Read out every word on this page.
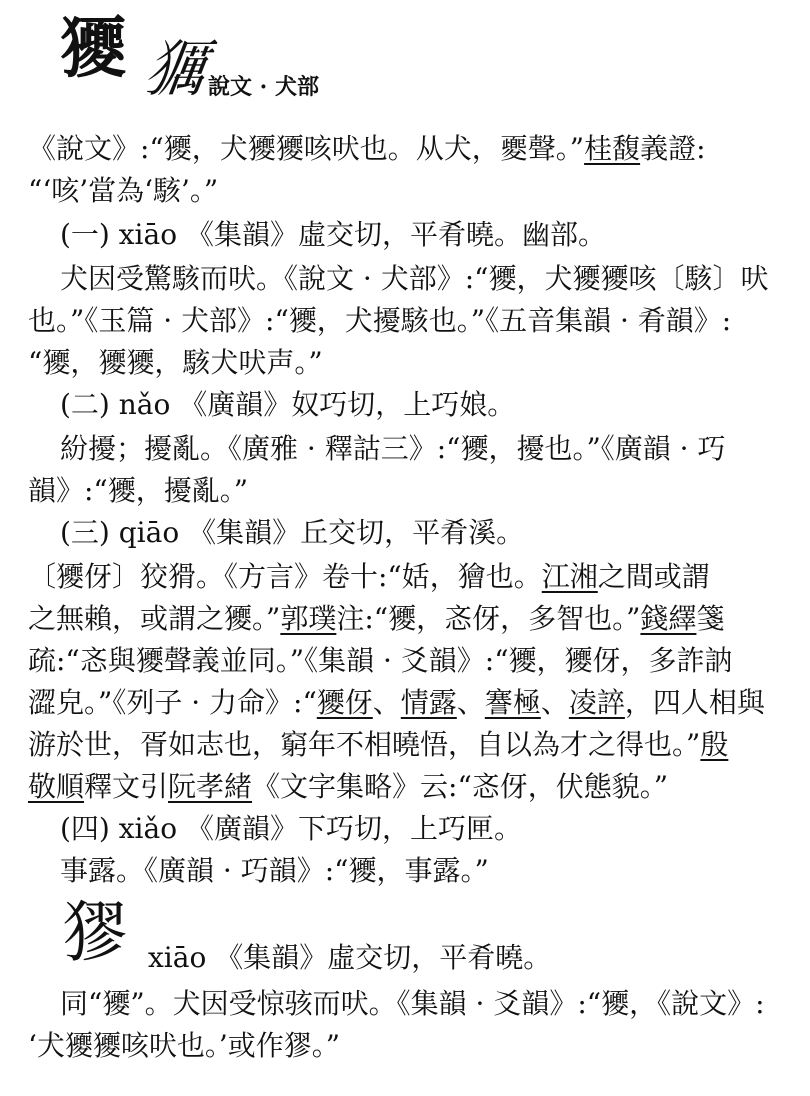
獿 𤢵
說文 · 犬部
《說文》:“獿，犬獿獿咳吠也。从犬，夒聲。”桂馥義證:
“‘咳’當為‘駭’。”
(一) xiāo 《集韻》虛交切，平肴曉。幽部。
犬因受驚駭而吠。《說文 · 犬部》:“獿，犬獿獿咳〔駭〕吠
也。”《玉篇 · 犬部》:“獿，犬擾駭也。”《五音集韻 · 肴韻》:
“獿，獿獿，駭犬吠声。”
(二) nǎo 《廣韻》奴巧切，上巧娘。
紛擾；擾亂。《廣雅 · 釋詁三》:“獿，擾也。”《廣韻 · 巧
韻》:“獿，擾亂。”
(三) qiāo 《集韻》丘交切，平肴溪。
〔獿伢〕狡猾。《方言》卷十:“姡，獪也。江湘之間或謂
之無賴，或謂之獿。”郭璞注:“獿，忞伢，多智也。”錢繹箋
疏:“忞與獿聲義並同。”《集韻 · 爻韻》:“獿，獿伢，多詐訥
澀皃。”《列子 · 力命》:“獿伢、情露、謇極、凌誶，四人相與
游於世，胥如志也，窮年不相曉悟，自以為才之得也。”殷
敬順釋文引阮孝緒《文字集略》云:“忞伢，伏態貌。”
(四) xiǎo 《廣韻》下巧切，上巧匣。
事露。《廣韻 · 巧韻》:“獿，事露。”
㺒 xiāo 《集韻》虛交切，平肴曉。
同“獿”。犬因受惊骇而吠。《集韻 · 爻韻》:“獿，《說文》:
‘犬獿獿咳吠也。’或作㺒。”
